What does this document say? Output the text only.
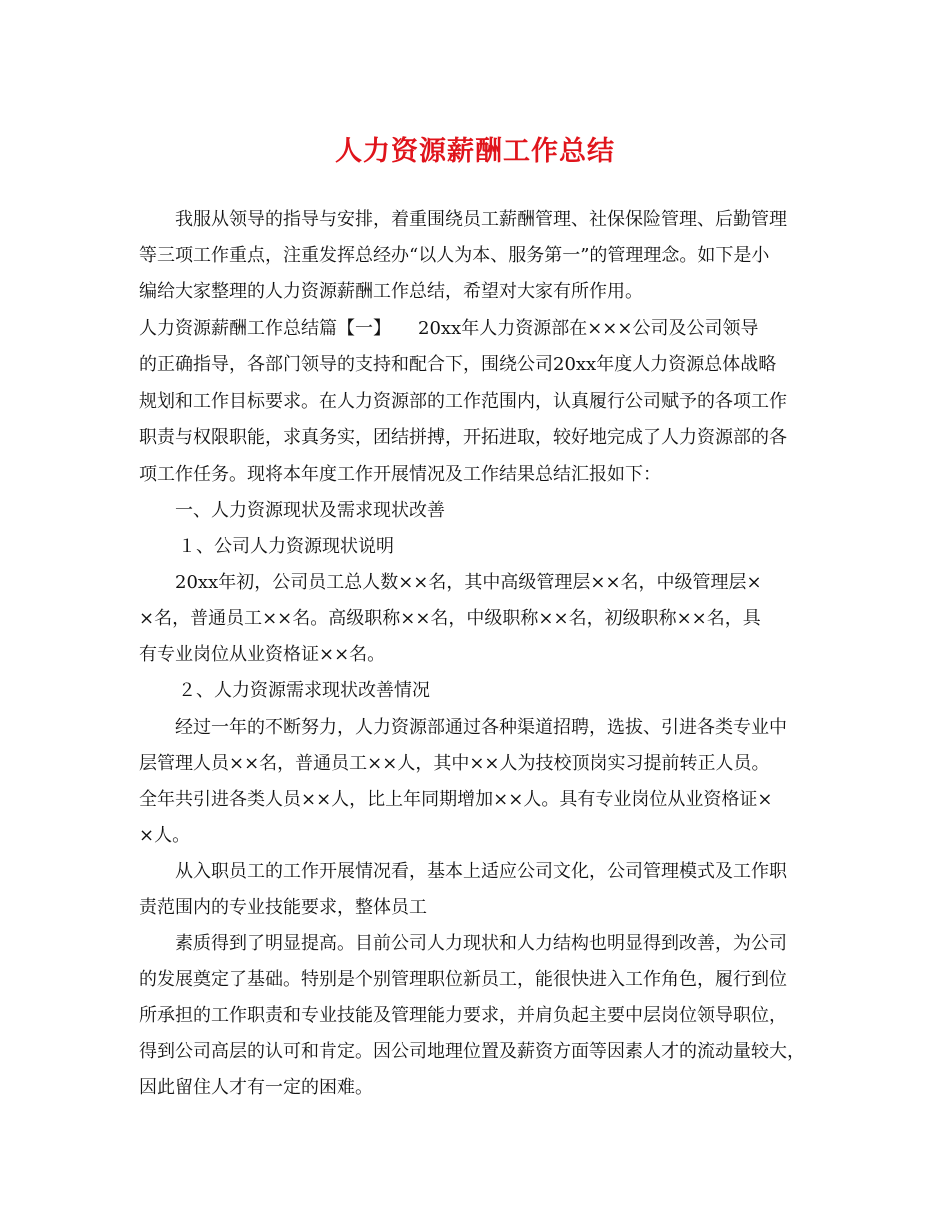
人力资源薪酬工作总结
我服从领导的指导与安排，着重围绕员工薪酬管理、社保保险管理、后勤管理
等三项工作重点，注重发挥总经办“以人为本、服务第一”的管理理念。如下是小
编给大家整理的人力资源薪酬工作总结，希望对大家有所作用。
人力资源薪酬工作总结篇【一】　　20xx年人力资源部在×××公司及公司领导
的正确指导，各部门领导的支持和配合下，围绕公司20xx年度人力资源总体战略
规划和工作目标要求。在人力资源部的工作范围内，认真履行公司赋予的各项工作
职责与权限职能，求真务实，团结拼搏，开拓进取，较好地完成了人力资源部的各
项工作任务。现将本年度工作开展情况及工作结果总结汇报如下：
一、人力资源现状及需求现状改善
１、公司人力资源现状说明
20xx年初，公司员工总人数××名，其中高级管理层××名，中级管理层×
×名，普通员工××名。高级职称××名，中级职称××名，初级职称××名，具
有专业岗位从业资格证××名。
２、人力资源需求现状改善情况
经过一年的不断努力，人力资源部通过各种渠道招聘，选拔、引进各类专业中
层管理人员××名，普通员工××人，其中××人为技校顶岗实习提前转正人员。
全年共引进各类人员××人，比上年同期增加××人。具有专业岗位从业资格证×
×人。
从入职员工的工作开展情况看，基本上适应公司文化，公司管理模式及工作职
责范围内的专业技能要求，整体员工
素质得到了明显提高。目前公司人力现状和人力结构也明显得到改善，为公司
的发展奠定了基础。特别是个别管理职位新员工，能很快进入工作角色，履行到位
所承担的工作职责和专业技能及管理能力要求，并肩负起主要中层岗位领导职位，
得到公司高层的认可和肯定。因公司地理位置及薪资方面等因素人才的流动量较大，
因此留住人才有一定的困难。
